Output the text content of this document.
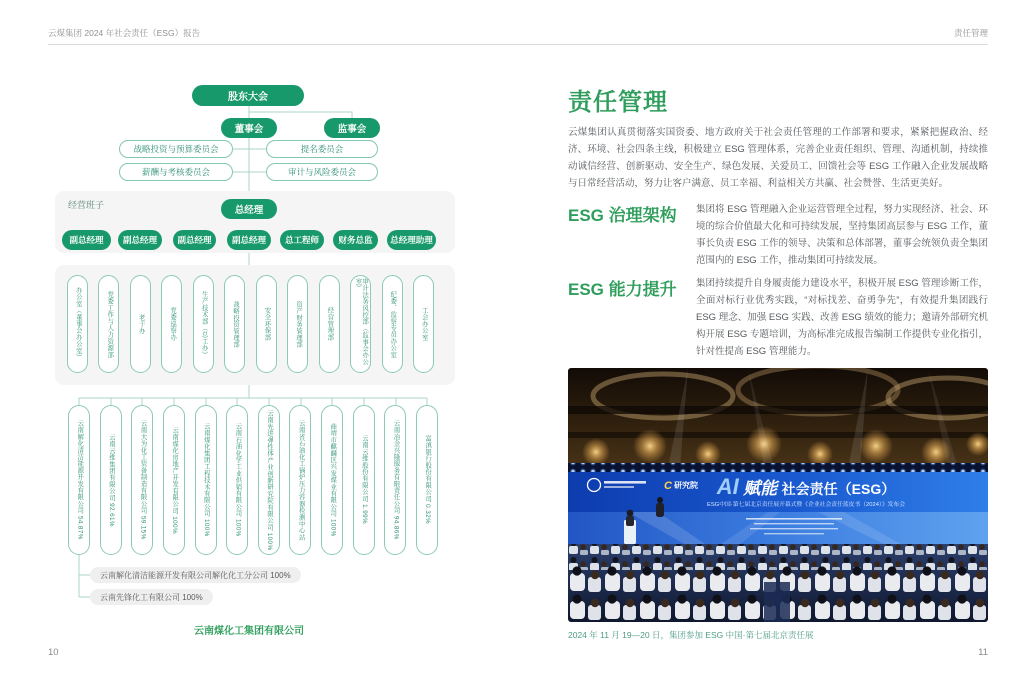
云煤集团 2024 年社会责任（ESG）报告	责任管理
股东大会
董事会	监事会
战略投资与预算委员会	提名委员会
薪酬与考核委员会	审计与风险委员会
经营班子	总经理
副总经理	副总经理	副总经理	副总经理	总工程师	财务总监	总经理助理
办公室（董事会办公室）	党委工作与人力资源部	老干办	党委巡察办	生产技术部（总工办）	战略投资管理部	安全环保部	资产财务管理部	经营管理部	审计法务风控部（监事会办公室）
纪委、监察专员办公室	工会办公室
云南解化清洁能源开发有限公司 54.87%	云南云维集团有限公司 92.61%	云南大为化工装备制造有限公司 59.15%	云南煤化房地产开发有限公司 100%	云南煤化集团工程技术有限公司 100%	云南石油化学工业供销有限公司 100%	云南先进弹性体产业创新研究院有限公司 100%	云南省石油化工锅炉压力容器检测中心站	曲靖市麒麟区兴发煤业有限公司 100%	云南云维股份有限公司 1.99%	云南冶金兴隆服务有限责任公司 94.86%	富滇银行股份有限公司 0.32%
云南解化清洁能源开发有限公司解化化工分公司 100%
云南先锋化工有限公司 100%
云南煤化工集团有限公司
10
责任管理
云煤集团认真贯彻落实国资委、地方政府关于社会责任管理的工作部署和要求，紧紧把握政治、经济、环境、社会四条主线，积极建立 ESG 管理体系，完善企业责任组织、管理、沟通机制，持续推动诚信经营、创新驱动、安全生产、绿色发展、关爱员工、回馈社会等 ESG 工作融入企业发展战略与日常经营活动，努力让客户满意、员工幸福、利益相关方共赢、社会赞誉、生活更美好。
ESG 治理架构	集团将 ESG 管理融入企业运营管理全过程，努力实现经济、社会、环境的综合价值最大化和可持续发展，坚持集团高层参与 ESG 工作，董事长负责 ESG 工作的领导、决策和总体部署，董事会统领负责全集团范围内的 ESG 工作，推动集团可持续发展。
ESG 能力提升	集团持续提升自身履责能力建设水平，积极开展 ESG 管理诊断工作，全面对标行业优秀实践，“对标找差、奋勇争先”，有效提升集团践行 ESG 理念、加强 ESG 实践、改善 ESG 绩效的能力；邀请外部研究机构开展 ESG 专题培训，为高标准完成报告编制工作提供专业化指引，针对性提高 ESG 管理能力。
C 研究院 AI 赋能 社会责任（ESG）
ESG中国·第七届北京责任展开幕式暨《企业社会责任蓝皮书（2024）》发布会
2024 年 11 月 19—20 日，集团参加 ESG 中国·第七届北京责任展
11
